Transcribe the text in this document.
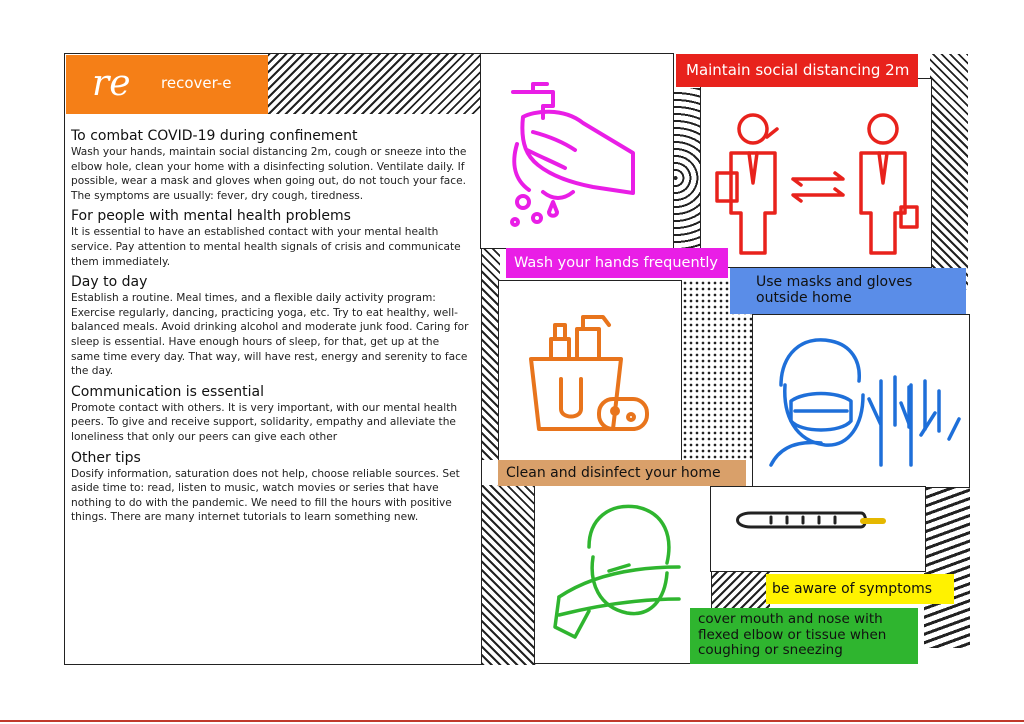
re	recover-e
To combat COVID-19 during confinement

Wash your hands, maintain social distancing 2m, cough or sneeze into the elbow hole, clean your home with a disinfecting solution. Ventilate daily. If possible, wear a mask and gloves when going out, do not touch your face. The symptoms are usually: fever, dry cough, tiredness.

For people with mental health problems

It is essential to have an established contact with your mental health service. Pay attention to mental health signals of crisis and communicate them immediately.

Day to day

Establish a routine. Meal times, and a flexible daily activity program: Exercise regularly, dancing, practicing yoga, etc. Try to eat healthy, well-balanced meals. Avoid drinking alcohol and moderate junk food. Caring for sleep is essential. Have enough hours of sleep, for that, get up at the same time every day. That way, will have rest, energy and serenity to face the day.

Communication is essential

Promote contact with others. It is very important, with our mental health peers. To give and receive support, solidarity, empathy and alleviate the loneliness that only our peers can give each other

Other tips

Dosify information, saturation does not help, choose reliable sources. Set aside time to: read, listen to music, watch movies or series that have nothing to do with the pandemic. We need to fill the hours with positive things. There are many internet tutorials to learn something new.

Maintain social distancing 2m
Wash your hands frequently
Use masks and gloves outside home
Clean and disinfect your home
be aware of symptoms
cover mouth and nose with flexed elbow or tissue when coughing or sneezing
